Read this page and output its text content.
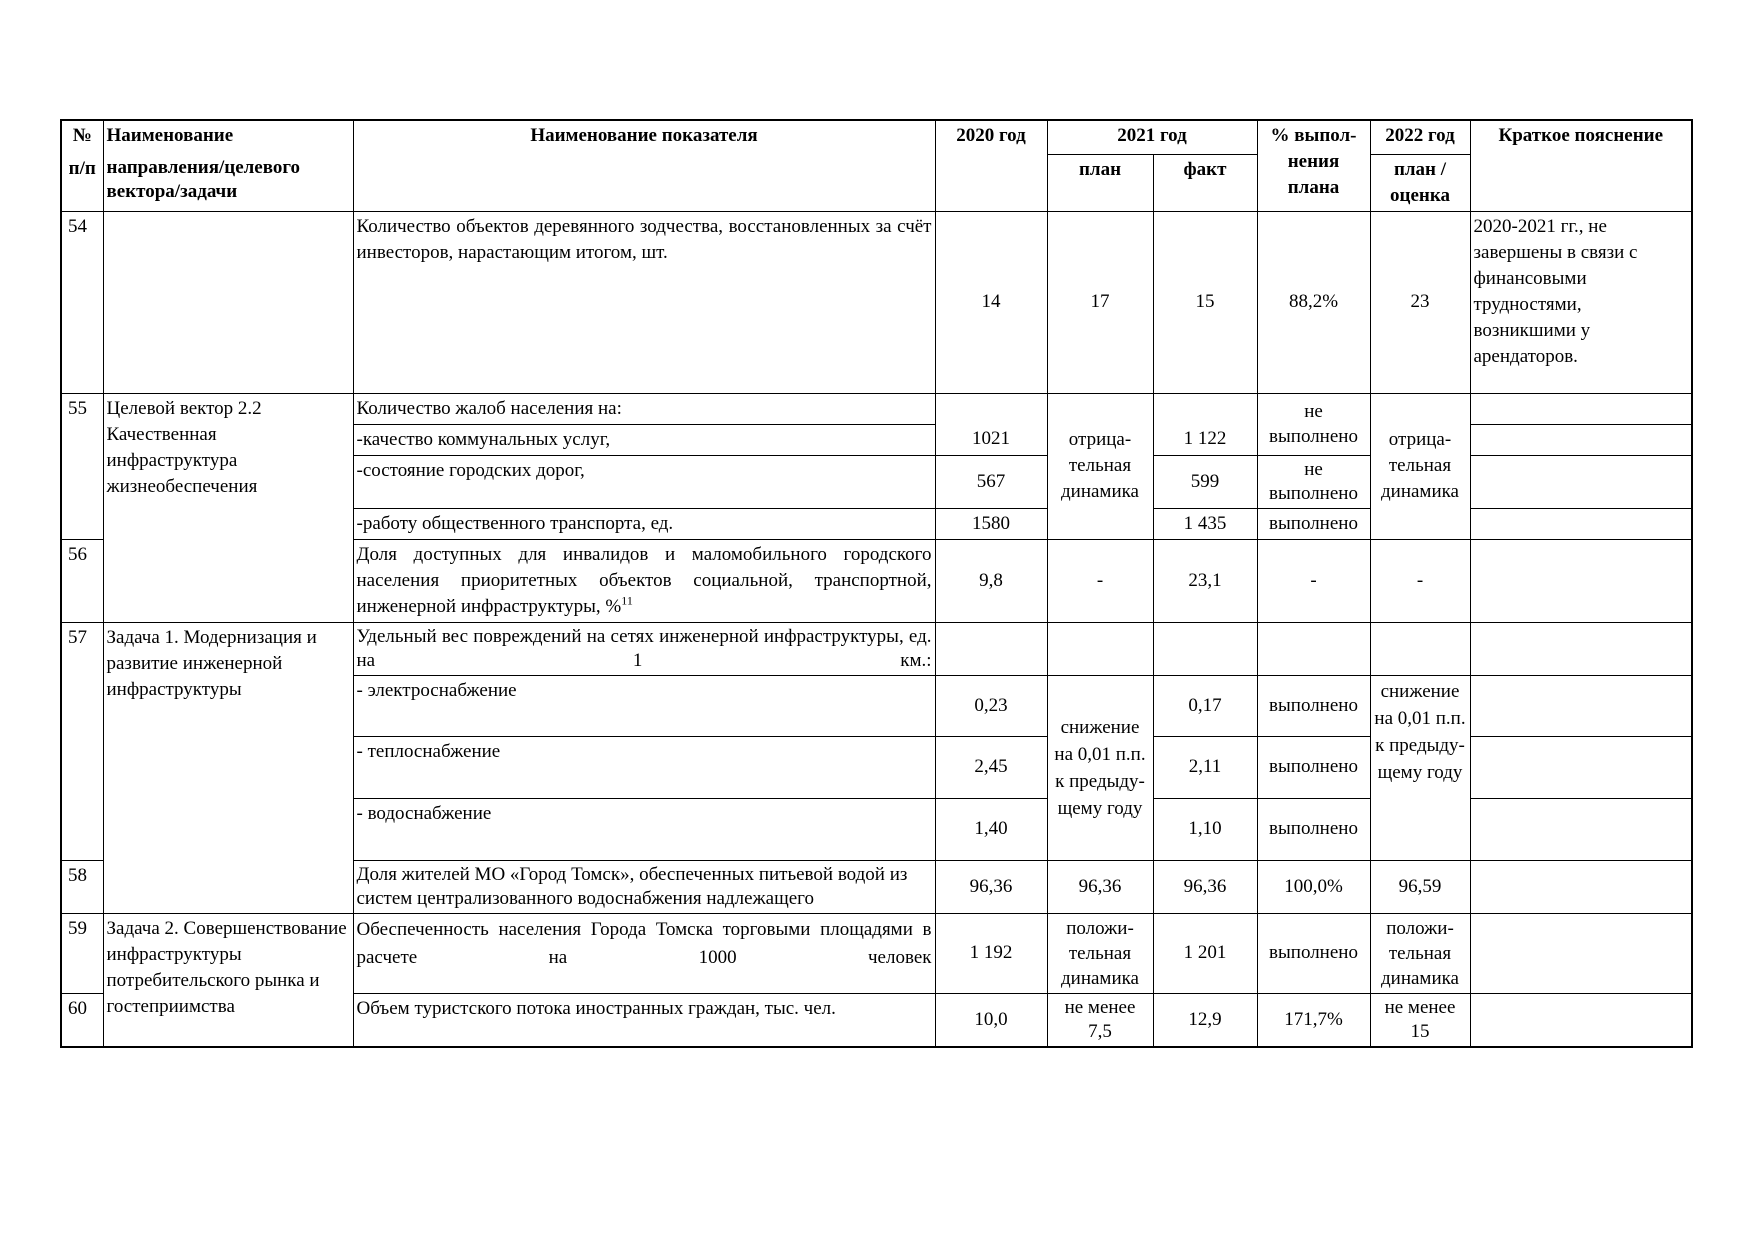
№	Наименование	Наименование показателя	2020 год	2021 год		% выпол-нения плана	2022 год	Краткое пояснение
п/п	направления/целевого вектора/задачи			план	факт		план / оценка	
54		Количество объектов деревянного зодчества, восстановленных за счёт инвесторов, нарастающим итогом, шт.	14	17	15	88,2%	23	2020-2021 гг., не завершены в связи с финансовыми трудностями, возникшими у арендаторов.
55	Целевой вектор 2.2 Качественная инфраструктура жизнеобеспечения	Количество жалоб населения на:		отрица-тельная динамика		не выполнено	отрица-тельная динамика	
		-качество коммунальных услуг,	1021		1 122			
		-состояние городских дорог,	567		599	не выполнено		
		-работу общественного транспорта, ед.	1580		1 435	выполнено		
56		Доля доступных для инвалидов и маломобильного городского населения приоритетных объектов социальной, транспортной, инженерной инфраструктуры, %$^{11}$	9,8	-	23,1	-	-	
57	Задача 1. Модернизация и развитие инженерной инфраструктуры	Удельный вес повреждений на сетях инженерной инфраструктуры, ед. на 1 км.:						
		- электроснабжение	0,23	снижение на 0,01 п.п. к предыду-щему году	0,17	выполнено	снижение на 0,01 п.п. к предыду-щему году	
		- теплоснабжение	2,45		2,11	выполнено		
		- водоснабжение	1,40		1,10	выполнено		
58		Доля жителей МО «Город Томск», обеспеченных питьевой водой из систем централизованного водоснабжения надлежащего	96,36	96,36	96,36	100,0%	96,59	
59	Задача 2. Совершенствование инфраструктуры потребительского рынка и гостеприимства	Обеспеченность населения Города Томска торговыми площадями в расчете на 1000 человек	1 192	положи-тельная динамика	1 201	выполнено	положи-тельная динамика	
60		Объем туристского потока иностранных граждан, тыс. чел.	10,0	не менее 7,5	12,9	171,7%	не менее 15	
